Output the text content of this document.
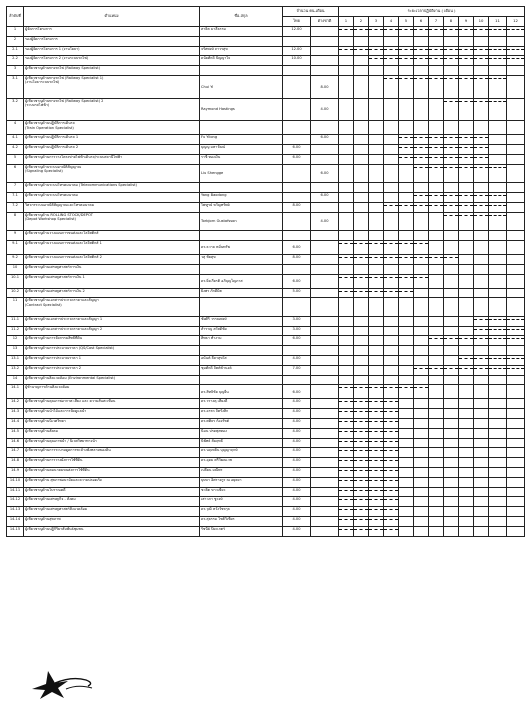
ลำดับที่	ตำแหน่ง	ชื่อ-สกุล	จำนวน คน-เดือน		ระยะเวลาปฏิบัติงาน ( เดือน )											
			ไทย	ต่างชาติ	1	2	3	4	5	6	7	8	9	10	11	12
1	ผู้จัดการโครงการ	สาธิต มาลีธรรม	12.00		

2	รองผู้จัดการโครงการ															

2.1	รองผู้จัดการโครงการ 1 (งานโยธา)	จรัสพงษ์ ถาวรสุข	12.00		

2.2	รองผู้จัดการโครงการ 2 (งานระบบรถไฟ)	ดนัยศักดิ์ ปัญญาใจ	10.00				

3	ผู้เชี่ยวชาญด้านทางรถไฟ (Railway Specialist)															

3.1	ผู้เชี่ยวชาญด้านทางรถไฟ (Railway Specialist 1)
(งานโยธาระบบรถไฟ)	Chui Yi		8.00				

3.2	ผู้เชี่ยวชาญด้านทางรถไฟ (Railway Specialist) 2
(ระบบรถไฟฟ้า)	Raymond Hastings		4.00								

4	ผู้เชี่ยวชาญด้านปฏิบัติการเดินรถ
(Train Operation Specialist)															

4.1	ผู้เชี่ยวชาญด้านปฏิบัติการเดินรถ 1	Fu Yilong		6.00					

4.2	ผู้เชี่ยวชาญด้านปฏิบัติการเดินรถ 2	บุญญ มหาวัฒน์	6.00						

5	ผู้เชี่ยวชาญด้านการวางโครงข่ายไฟฟ้าเดินรถ/ระบบสถานีไฟฟ้า	ราชี ทองเงิน	6.00						

6	ผู้เชี่ยวชาญด้านระบบอาณัติสัญญาณ
(Signaling Specialist)	Liu Shengge		6.00						

7	ผู้เชี่ยวชาญด้านระบบโทรคมนาคม (Telecommunications Specialist)															

7.1	ผู้เชี่ยวชาญด้านระบบโทรคมนาคม	Yang Baodong		6.00						

7.2	วิศวกรระบบอาณัติสัญญาณและโทรคมนาคม	ไพฑูรย์ ขวัญทรัพย์	8.00					

8	ผู้เชี่ยวชาญด้าน ROLLING STOCK/DEPOT
(Depot Workshop Specialist)	Torbjorn Gustafsson		4.00								

9	ผู้เชี่ยวชาญด้านวางแผนการขนส่งและโลจิสติกส์															

9.1	ผู้เชี่ยวชาญด้านวางแผนการขนส่งและโลจิสติกส์ 1	ดร.ธวาล หมั่นทรัพ	6.00		

9.2	ผู้เชี่ยวชาญด้านวางแผนการขนส่งและโลจิสติกส์ 2	วสุ ชัยสุข	8.00		

10	ผู้เชี่ยวชาญด้านเศรษฐศาสตร์การเงิน															

10.1	ผู้เชี่ยวชาญด้านเศรษฐศาสตร์การเงิน 1	ดร.ยิ่งเกียรติ อภิบุญโญภาส	6.00		

10.2	ผู้เชี่ยวชาญด้านเศรษฐศาสตร์การเงิน 2	ยิ่งพร ภักดีมิต	5.00		

11	ผู้เชี่ยวชาญด้านเอกสารประกวดราคาและสัญญา
(Contract Specialist)															

11.1	ผู้เชี่ยวชาญด้านเอกสารประกวดราคาและสัญญา 1	ชัยศิริ วรรณพงษ์	3.00											

11.2	ผู้เชี่ยวชาญด้านเอกสารประกวดราคาและสัญญา 2	สำราญ สวัสดิ์ชัย	3.00											

12	ผู้เชี่ยวชาญด้านการจัดกรรมสิทธิ์ที่ดิน	สิทธา ทำงาม	6.00								

13	ผู้เชี่ยวชาญด้านการประมาณราคา (QS/Cost Specialist)															

13.1	ผู้เชี่ยวชาญด้านการประมาณราคา 1	อนันต์ ลีลาสุขใส	4.00										

13.2	ผู้เชี่ยวชาญด้านการประมาณราคา 2	ชุมศักดิ์ จิตต์ข้านงค์	7.00							

14	ผู้เชี่ยวชาญด้านสิ่งแวดล้อม (Environmental Specialist)															

14.1	ผู้ชำนาญการด้านสิ่งแวดล้อม	ดร.สิทธิชัย บุญยืน	6.00		

14.2	ผู้เชี่ยวชาญด้านคุณภาพอากาศ เสียง และ ความสั่นสะเทือน	ดร.วรางคุ เสียงดี	4.00		

14.3	ผู้เชี่ยวชาญด้านนำไม้และการจัดดูแลน้ำ	ดร.อรรถ จิตรังสิก	4.00		

14.4	ผู้เชี่ยวชาญด้านนิเวศวิทยา	ดร.ศศิธร ก้องรัชต์	4.00		

14.5	ผู้เชี่ยวชาญด้านสังคม	นิมน ปรดพุลทอง	4.00		

14.6	ผู้เชี่ยวชาญด้านคุณภาพน้ำ / นิเวศวิทยาทางน้ำ	นิพัทธ์ สัมฤทธิ์	4.00		

14.7	ผู้เชี่ยวชาญด้านการระบายดูดการชะล้างพังทลายของดิน	ดร.นฤเพลิน บุญญาฤกษ์	4.00		

14.8	ผู้เชี่ยวชาญด้านการวางผังการใช้ที่ดิน	ดร.อุดม ศรีวัฒนเวช	4.00		

14.9	ผู้เชี่ยวชาญด้านคมนาคมขนส่งการใช้ที่ดิน	เปลี่ยน มณีพร	4.00		

14.10	ผู้เชี่ยวชาญด้าน สุขภาพอนามัยและความปลอดภัย	บุษบา อิศรางกูร ณ อยุธยา	4.00		

14.11	ผู้เชี่ยวชาญด้านโบราณคดี	ชวลิต ขาวเขียว	4.00		

14.12	ผู้เชี่ยวชาญด้านเศรษฐกิจ - สังคม	เสาวภา ซูวงษ์	4.00		

14.13	ผู้เชี่ยวชาญด้านเศรษฐศาสตร์สิ่งแวดล้อม	ดร.วุฒิ หวังวัชรกุล	4.00		

14.14	ผู้เชี่ยวชาญด้านสุขภาพ	ดร.สุธรรม โชติวิเชียร	4.00		

14.15	ผู้เชี่ยวชาญด้านปฏิกิริยาสัมพันธ์ชุมชน	รัชนีย์ ปิยะเกตร์	4.00		
